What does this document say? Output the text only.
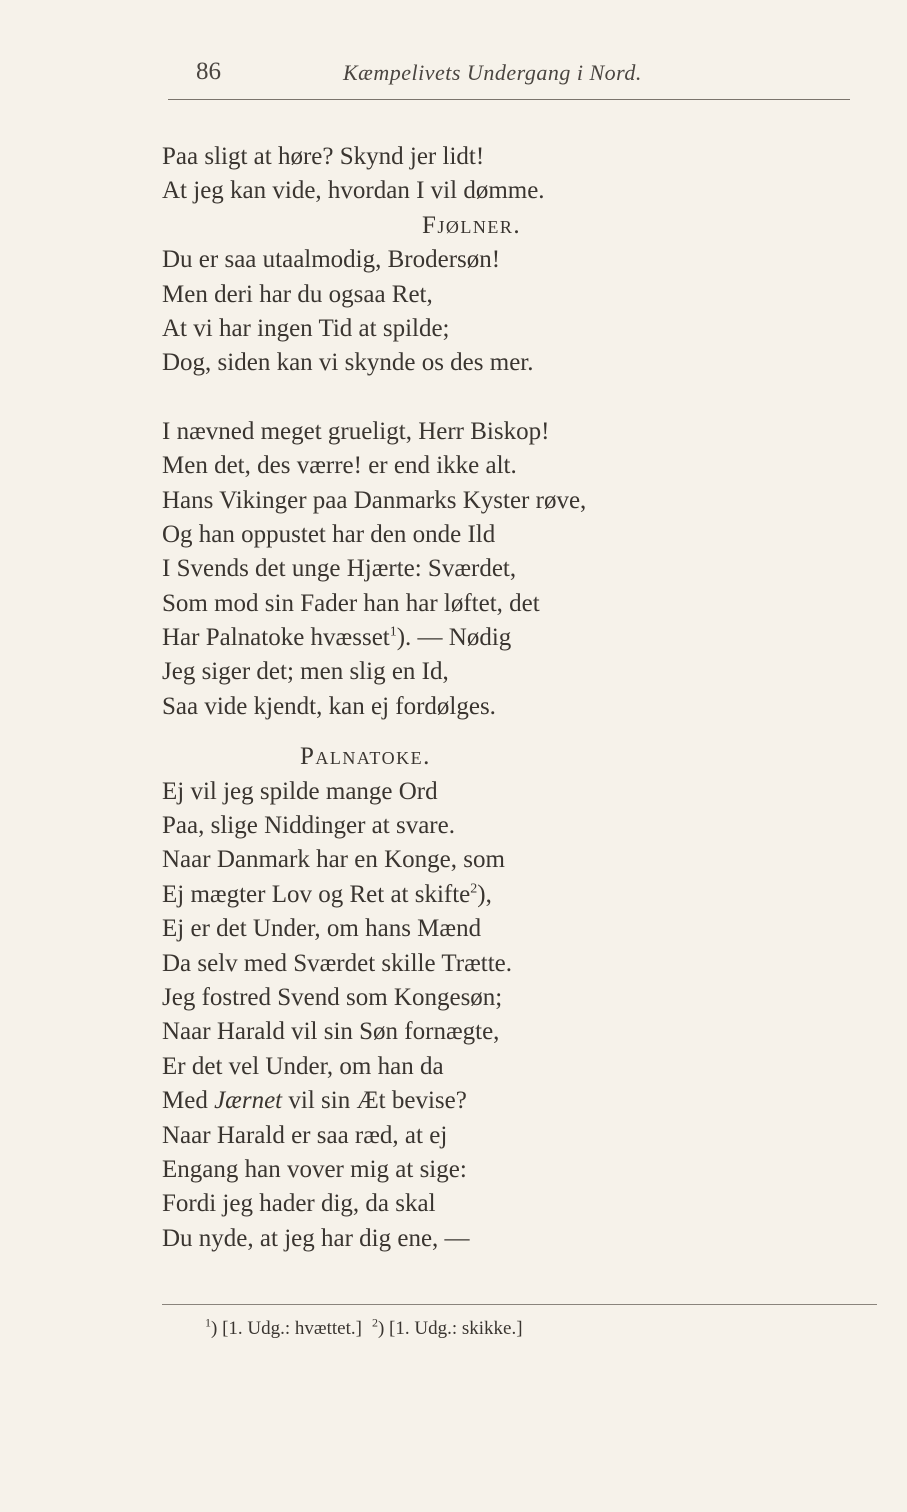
86	Kæmpelivets Undergang i Nord.
Paa sligt at høre? Skynd jer lidt!
At jeg kan vide, hvordan I vil dømme.
Fjølner.
Du er saa utaalmodig, Brodersøn!
Men deri har du ogsaa Ret,
At vi har ingen Tid at spilde;
Dog, siden kan vi skynde os des mer.
I nævned meget grueligt, Herr Biskop!
Men det, des værre! er end ikke alt.
Hans Vikinger paa Danmarks Kyster røve,
Og han oppustet har den onde Ild
I Svends det unge Hjærte: Sværdet,
Som mod sin Fader han har løftet, det
Har Palnatoke hvæsset$^1$). — Nødig
Jeg siger det; men slig en Id,
Saa vide kjendt, kan ej fordølges.
Palnatoke.
Ej vil jeg spilde mange Ord
Paa, slige Niddinger at svare.
Naar Danmark har en Konge, som
Ej mægter Lov og Ret at skifte$^2$),
Ej er det Under, om hans Mænd
Da selv med Sværdet skille Trætte.
Jeg fostred Svend som Kongesøn;
Naar Harald vil sin Søn fornægte,
Er det vel Under, om han da
Med Jærnet vil sin Æt bevise?
Naar Harald er saa ræd, at ej
Engang han vover mig at sige:
Fordi jeg hader dig, da skal
Du nyde, at jeg har dig ene, —
$^1$) [1. Udg.: hvættet.] $^2$) [1. Udg.: skikke.]
